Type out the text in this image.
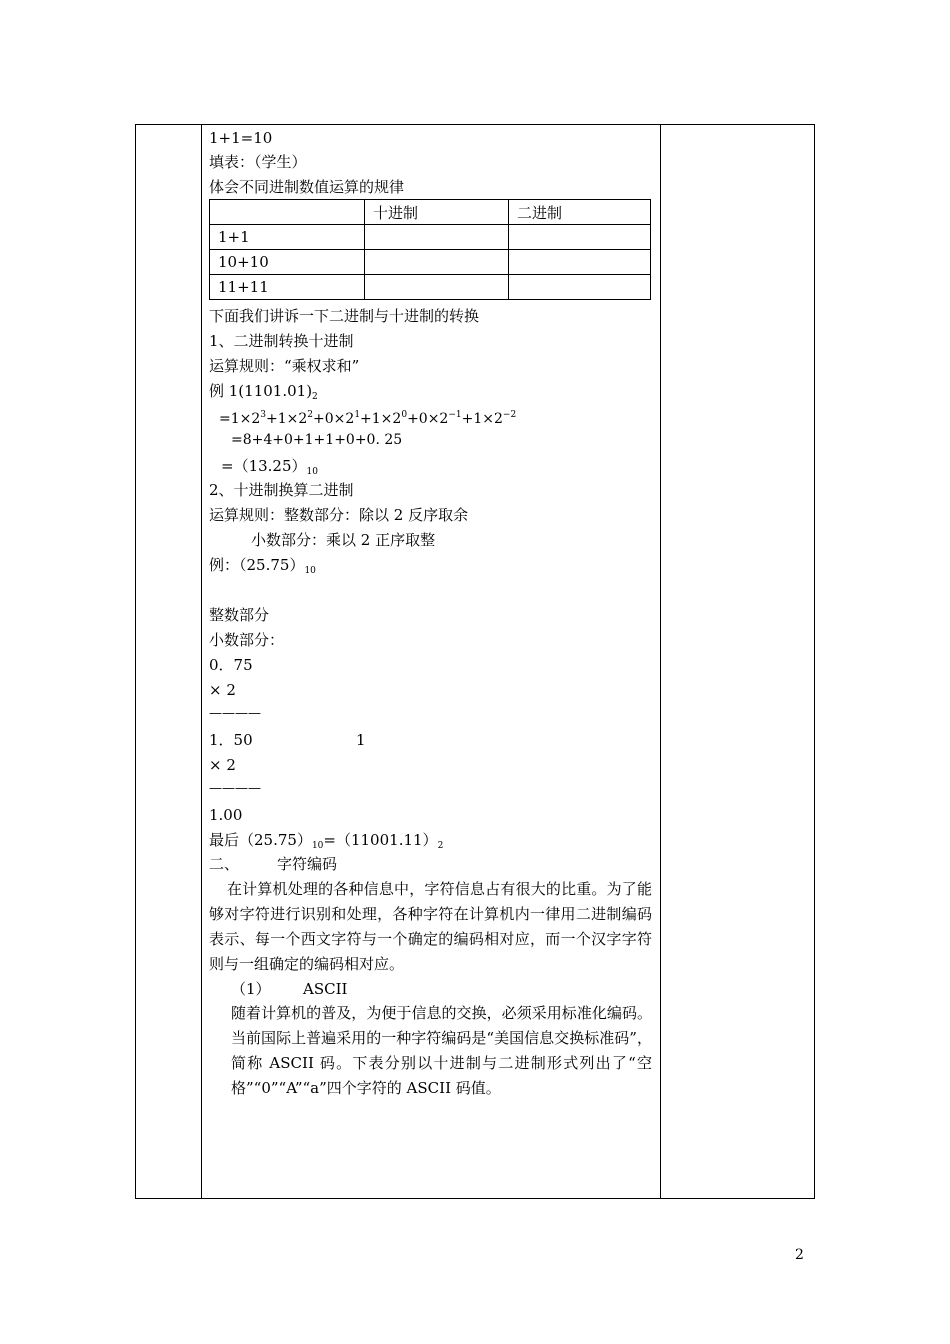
1+1=10
填表：（学生）
体会不同进制数值运算的规律
	十进制	二进制
1+1		
10+10		
11+11		
下面我们讲诉一下二进制与十进制的转换
1、二进制转换十进制
运算规则：“乘权求和”
例 $1(1101.01)_2$
$=1\times 2^3+1\times 2^2+0\times 2^1+1\times 2^0+0\times 2^{-1}+1\times 2^{-2}$
=8+4+0+1+1+0+0. 25
$=(13.25)_{10}$
2、十进制换算二进制
运算规则：整数部分：除以 2 反序取余
小数部分：乘以 2 正序取整
例：$(25.75)_{10}$
整数部分
小数部分：
0．75
× 2
————
1．50	1
× 2
————
1.00
最后$(25.75)_{10}=(11001.11)_2$
二、	字符编码
在计算机处理的各种信息中，字符信息占有很大的比重。为了能够对字符进行识别和处理，各种字符在计算机内一律用二进制编码表示、每一个西文字符与一个确定的编码相对应，而一个汉字字符则与一组确定的编码相对应。
（1） ASCII
随着计算机的普及，为便于信息的交换，必须采用标准化编码。当前国际上普遍采用的一种字符编码是“美国信息交换标准码”，简称 ASCII 码。下表分别以十进制与二进制形式列出了“空格”“0”“A”“a”四个字符的 ASCII 码值。
2
